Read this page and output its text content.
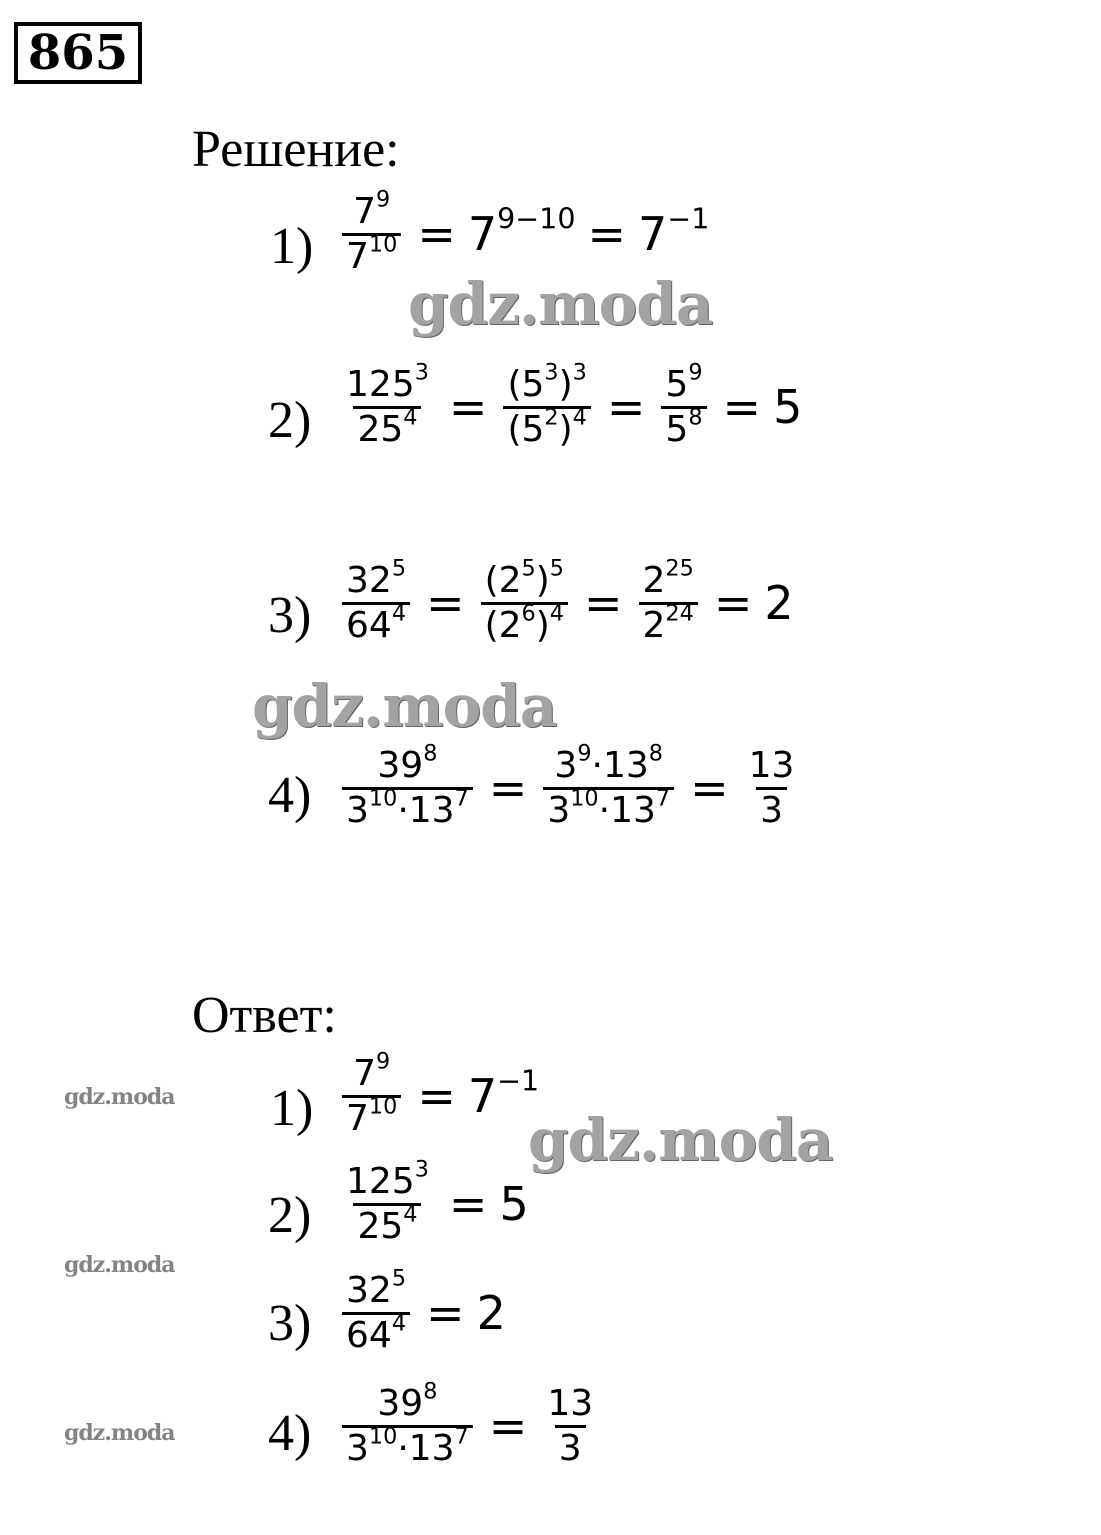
865
Решение:
$1) \frac{7^9}{7^{10}} = 7^{9-10} = 7^{-1}$
$2) \frac{125^3}{25^4} = \frac{(5^3)^3}{(5^2)^4} = \frac{5^9}{5^8} = 5$
$3) \frac{32^5}{64^4} = \frac{(2^5)^5}{(2^6)^4} = \frac{2^{25}}{2^{24}} = 2$
$4) \frac{39^8}{3^{10}\cdot 13^7} = \frac{3^9\cdot 13^8}{3^{10}\cdot 13^7} = \frac{13}{3}$
Ответ:
$1) \frac{7^9}{7^{10}} = 7^{-1}$
$2) \frac{125^3}{25^4} = 5$
$3) \frac{32^5}{64^4} = 2$
$4) \frac{39^8}{3^{10}\cdot 13^7} = \frac{13}{3}$
gdz.moda
gdz.moda
gdz.moda
gdz.moda
gdz.moda
gdz.moda
